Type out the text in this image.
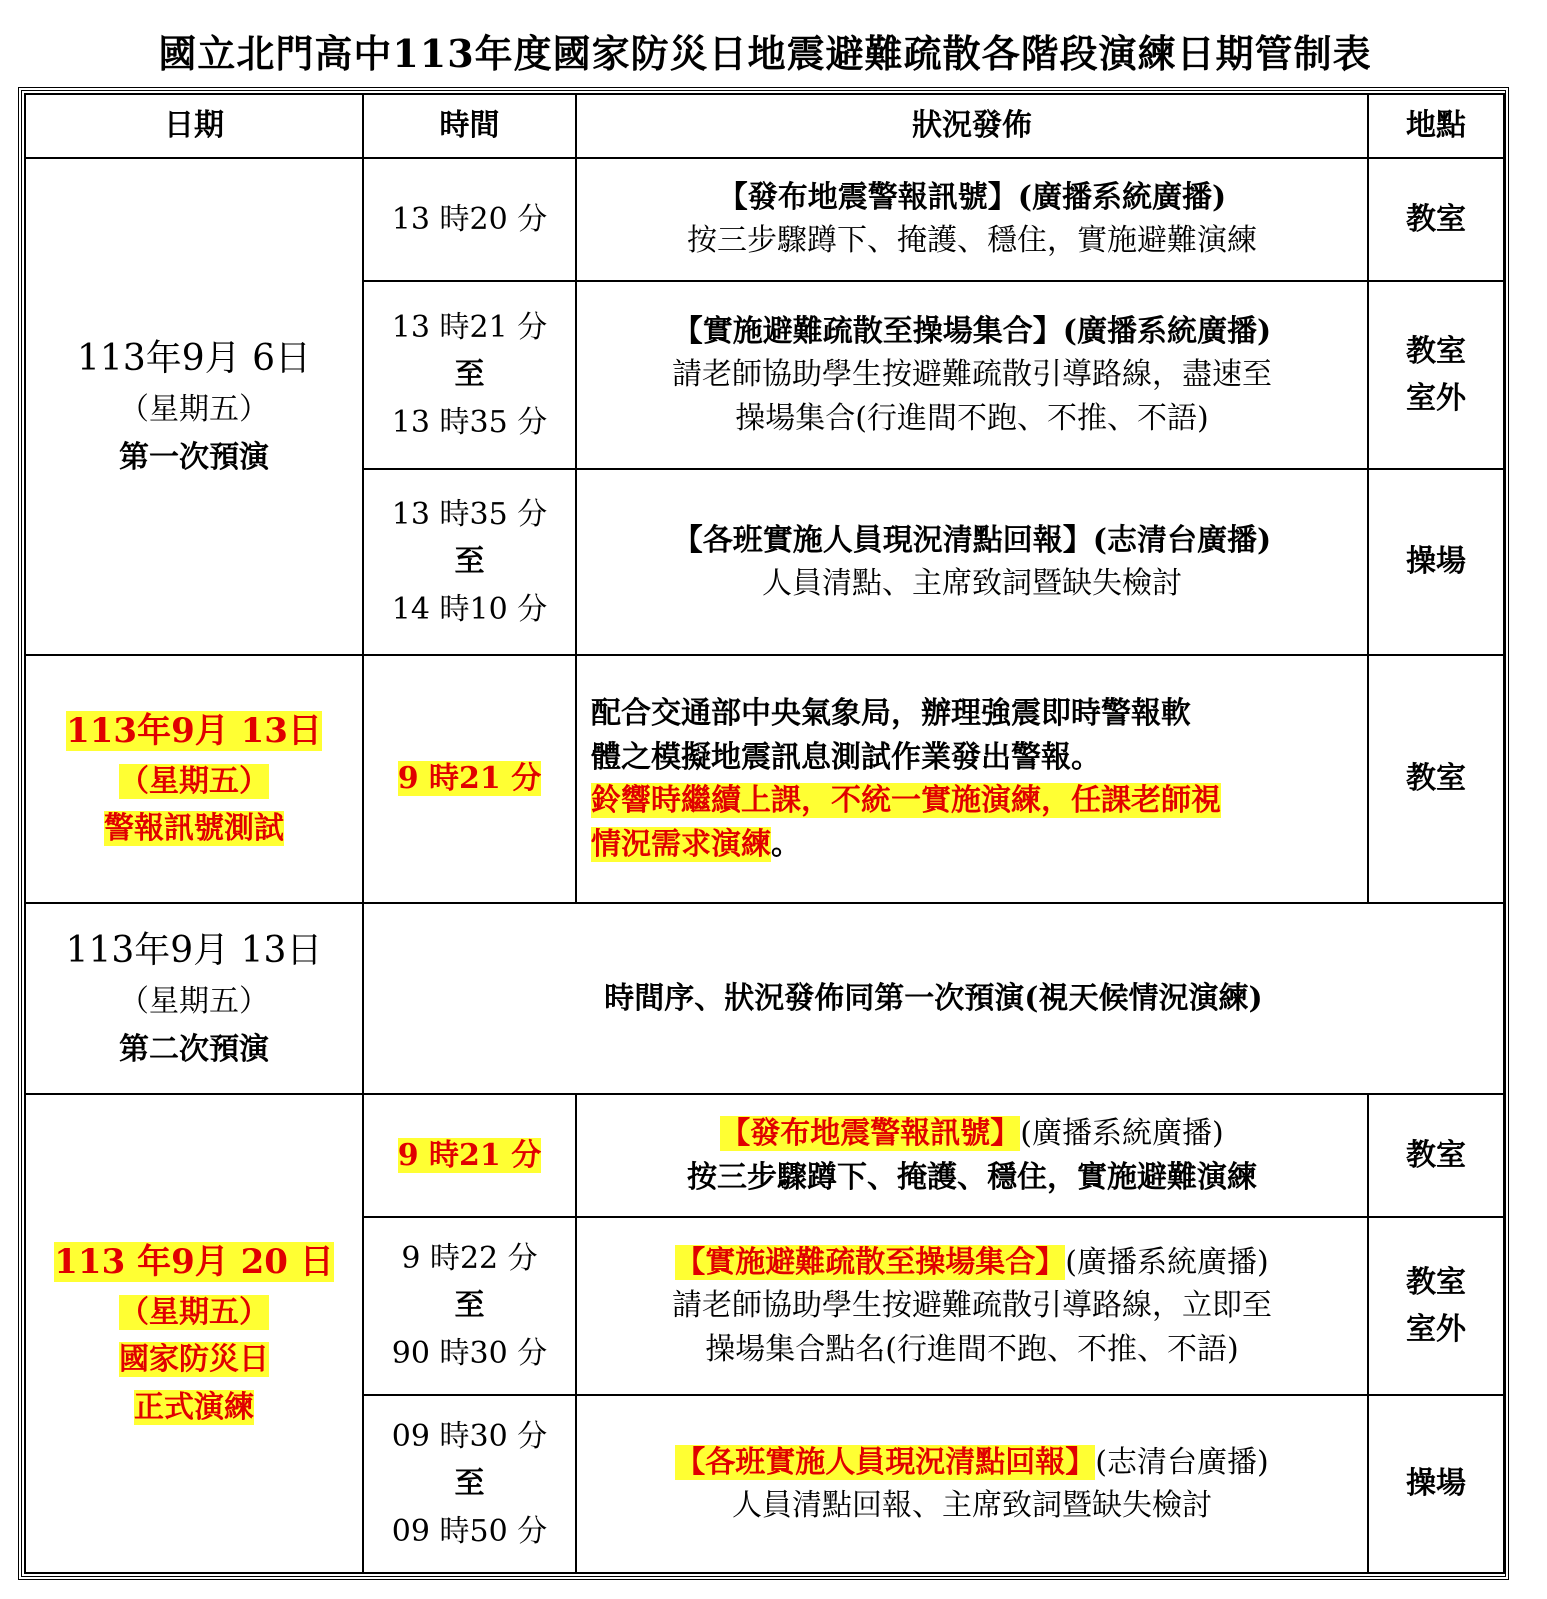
國立北門高中113年度國家防災日地震避難疏散各階段演練日期管制表
日期	時間	狀況發佈	地點

113年9月 6日
（星期五）
第一次預演	13 時20 分	【發布地震警報訊號】(廣播系統廣播)
按三步驟蹲下、掩護、穩住，實施避難演練	教室

	13 時21 分
至
13 時35 分	【實施避難疏散至操場集合】(廣播系統廣播)
請老師協助學生按避難疏散引導路線，盡速至
操場集合(行進間不跑、不推、不語)	教室
室外

	13 時35 分
至
14 時10 分	【各班實施人員現況清點回報】(志清台廣播)
人員清點、主席致詞暨缺失檢討	操場

113年9月 13日
（星期五）
警報訊號測試	9 時21 分	配合交通部中央氣象局，辦理強震即時警報軟
體之模擬地震訊息測試作業發出警報。
鈴響時繼續上課，不統一實施演練，任課老師視
情況需求演練。	教室

113年9月 13日
（星期五）
第二次預演	時間序、狀況發佈同第一次預演(視天候情況演練)		

113 年9月 20 日
（星期五）
國家防災日
正式演練	9 時21 分	【發布地震警報訊號】(廣播系統廣播)
按三步驟蹲下、掩護、穩住，實施避難演練	教室

	9 時22 分
至
90 時30 分	【實施避難疏散至操場集合】(廣播系統廣播)
請老師協助學生按避難疏散引導路線，立即至
操場集合點名(行進間不跑、不推、不語)	教室
室外

	09 時30 分
至
09 時50 分	【各班實施人員現況清點回報】(志清台廣播)
人員清點回報、主席致詞暨缺失檢討	操場
